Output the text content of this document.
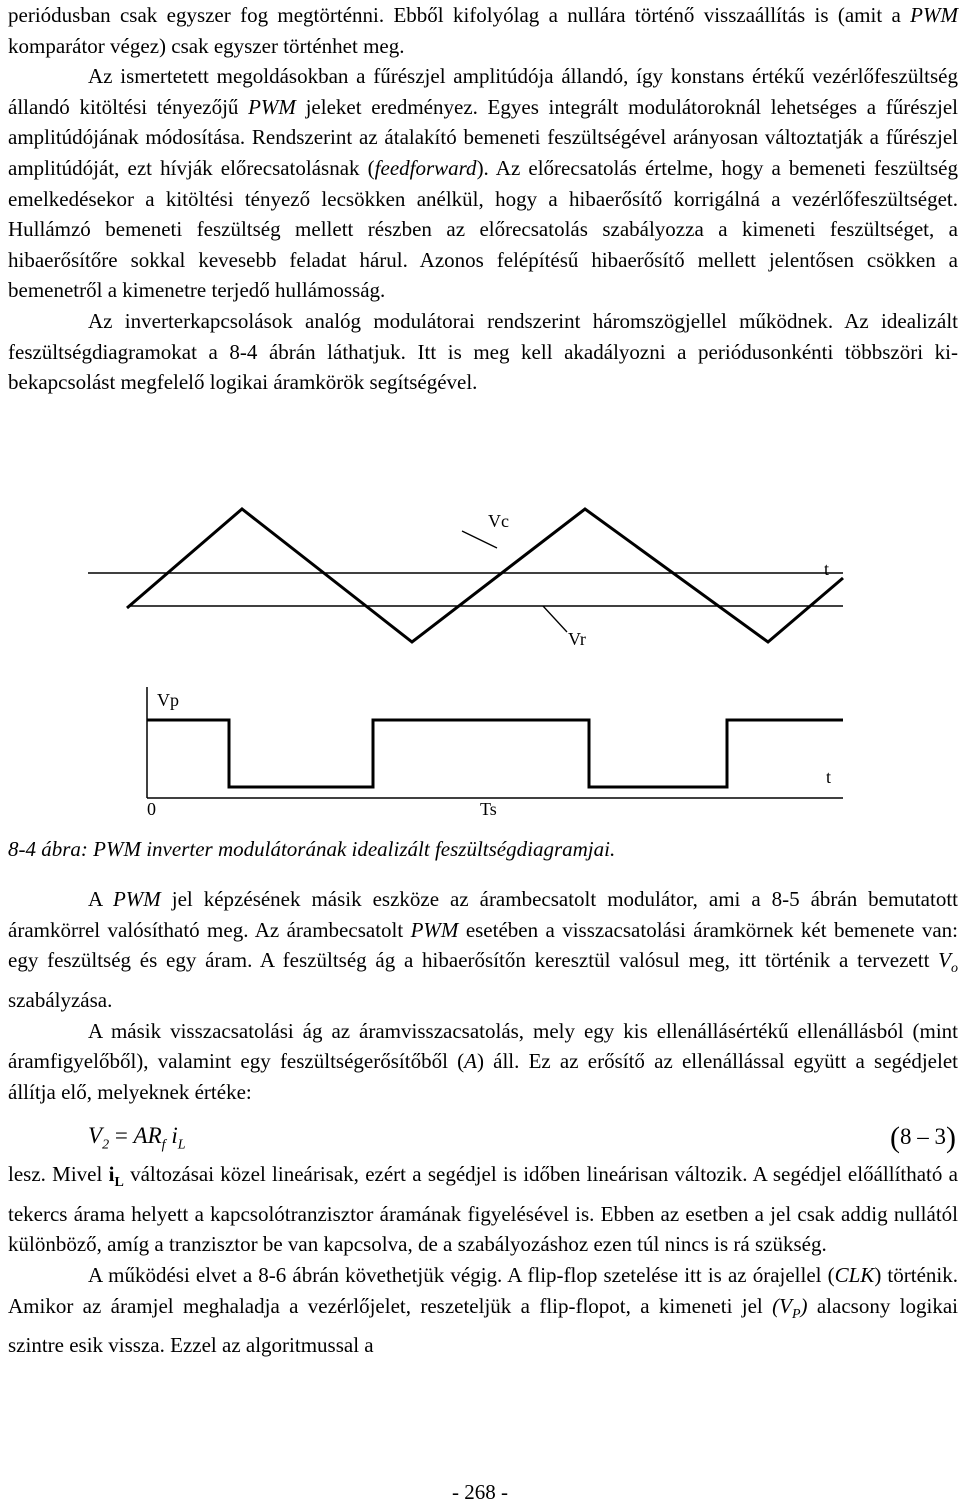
periódusban csak egyszer fog megtörténni. Ebből kifolyólag a nullára történő visszaállítás is (amit a PWM komparátor végez) csak egyszer történhet meg.

Az ismertetett megoldásokban a fűrészjel amplitúdója állandó, így konstans értékű vezérlőfeszültség állandó kitöltési tényezőjű PWM jeleket eredményez. Egyes integrált modulátoroknál lehetséges a fűrészjel amplitúdójának módosítása. Rendszerint az átalakító bemeneti feszültségével arányosan változtatják a fűrészjel amplitúdóját, ezt hívják előrecsatolásnak (feedforward). Az előrecsatolás értelme, hogy a bemeneti feszültség emelkedésekor a kitöltési tényező lecsökken anélkül, hogy a hibaerősítő korrigálná a vezérlőfeszültséget. Hullámzó bemeneti feszültség mellett részben az előrecsatolás szabályozza a kimeneti feszültséget, a hibaerősítőre sokkal kevesebb feladat hárul. Azonos felépítésű hibaerősítő mellett jelentősen csökken a bemenetről a kimenetre terjedő hullámosság.

Az inverterkapcsolások analóg modulátorai rendszerint háromszögjellel működnek. Az idealizált feszültségdiagramokat a 8-4 ábrán láthatjuk. Itt is meg kell akadályozni a periódusonkénti többszöri ki-bekapcsolást megfelelő logikai áramkörök segítségével.

Vc
t
Vr
Vp
t
0	Ts
8-4 ábra: PWM inverter modulátorának idealizált feszültségdiagramjai.

A PWM jel képzésének másik eszköze az árambecsatolt modulátor, ami a 8-5 ábrán bemutatott áramkörrel valósítható meg. Az árambecsatolt PWM esetében a visszacsatolási áramkörnek két bemenete van: egy feszültség és egy áram. A feszültség ág a hibaerősítőn keresztül valósul meg, itt történik a tervezett $V_o$ szabályzása.

A másik visszacsatolási ág az áramvisszacsatolás, mely egy kis ellenállásértékű ellenállásból (mint áramfigyelőből), valamint egy feszültségerősítőből (A) áll. Ez az erősítő az ellenállással együtt a segédjelet állítja elő, melyeknek értéke:

$V_2 = AR_f$ $i_L$	(8 – 3)

lesz. Mivel $i_L$ változásai közel lineárisak, ezért a segédjel is időben lineárisan változik. A segédjel előállítható a tekercs árama helyett a kapcsolótranzisztor áramának figyelésével is. Ebben az esetben a jel csak addig nullától különböző, amíg a tranzisztor be van kapcsolva, de a szabályozáshoz ezen túl nincs is rá szükség.

A működési elvet a 8-6 ábrán követhetjük végig. A flip-flop szetelése itt is az órajellel (CLK) történik. Amikor az áramjel meghaladja a vezérlőjelet, reszeteljük a flip-flopot, a kimeneti jel $(V_P)$ alacsony logikai szintre esik vissza. Ezzel az algoritmussal a

- 268 -
